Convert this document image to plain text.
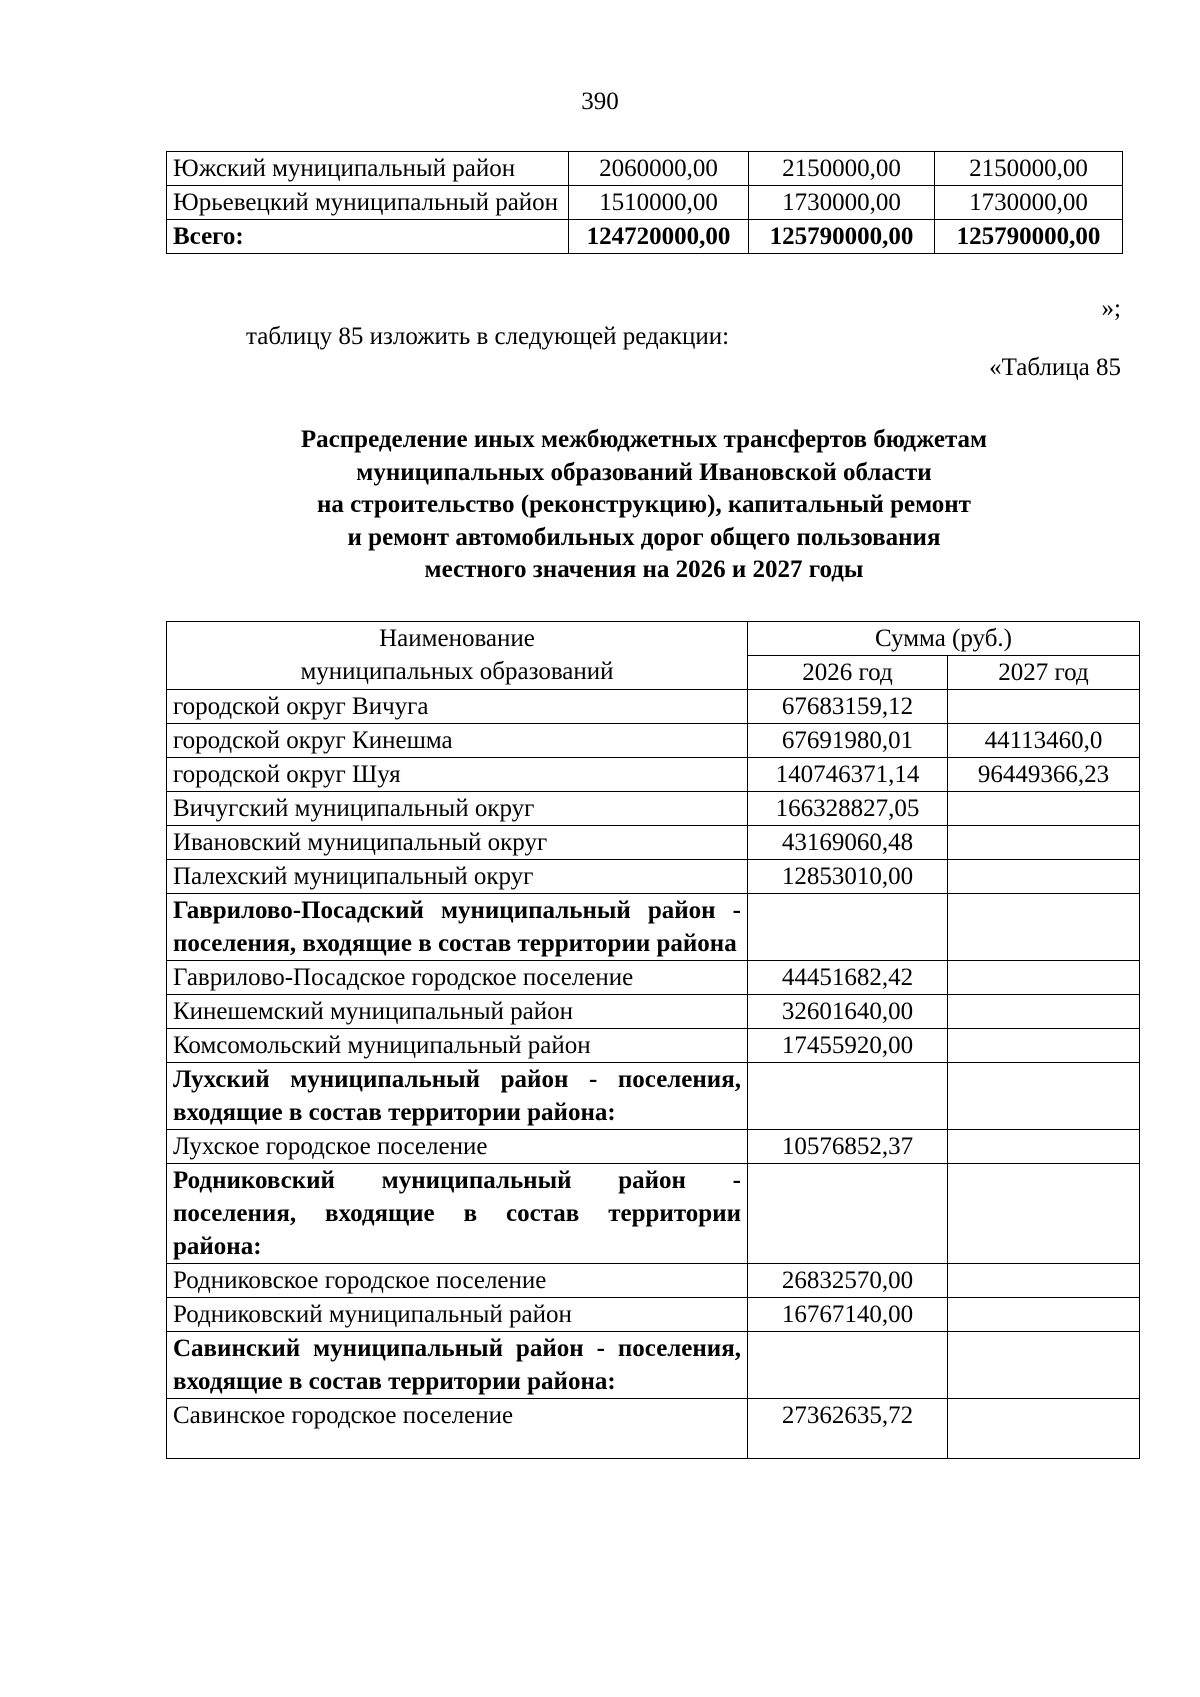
390
Южский муниципальный район	2060000,00	2150000,00	2150000,00
Юрьевецкий муниципальный район	1510000,00	1730000,00	1730000,00
Всего:	124720000,00	125790000,00	125790000,00
»;
таблицу 85 изложить в следующей редакции:
«Таблица 85
Распределение иных межбюджетных трансфертов бюджетам
муниципальных образований Ивановской области
на строительство (реконструкцию), капитальный ремонт
и ремонт автомобильных дорог общего пользования
местного значения на 2026 и 2027 годы
Наименование
муниципальных образований	Сумма (руб.)	
	2026 год	2027 год
городской округ Вичуга	67683159,12	
городской округ Кинешма	67691980,01	44113460,0
городской округ Шуя	140746371,14	96449366,23
Вичугский муниципальный округ	166328827,05	
Ивановский муниципальный округ	43169060,48	
Палехский муниципальный округ	12853010,00	
Гаврилово-Посадский муниципальный район - поселения, входящие в состав территории района		
Гаврилово-Посадское городское поселение	44451682,42	
Кинешемский муниципальный район	32601640,00	
Комсомольский муниципальный район	17455920,00	
Лухский муниципальный район - поселения, входящие в состав территории района:		
Лухское городское поселение	10576852,37	
Родниковский муниципальный район - поселения, входящие в состав территории района:		
Родниковское городское поселение	26832570,00	
Родниковский муниципальный район	16767140,00	
Савинский муниципальный район - поселения, входящие в состав территории района:		
Савинское городское поселение	27362635,72	
